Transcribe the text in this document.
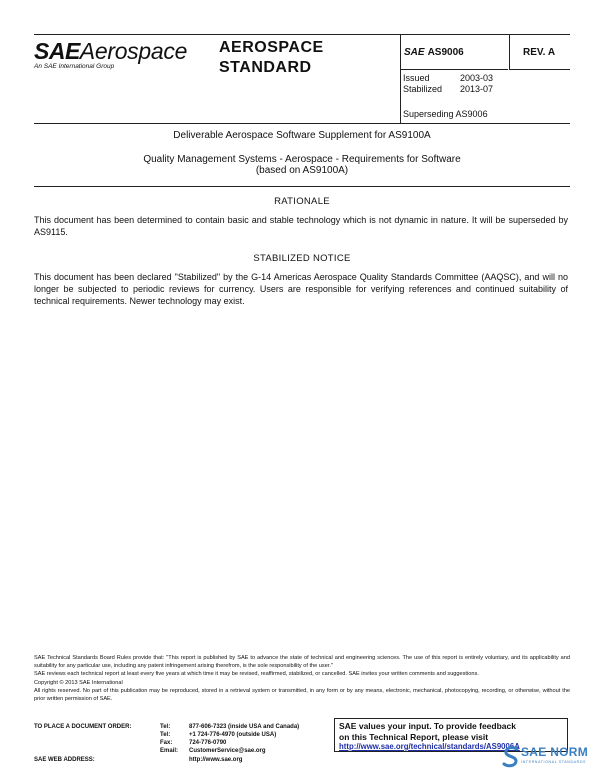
SAEAerospace
An SAE International Group
AEROSPACE
STANDARD
SAE AS9006	REV. A
Issued	2003-03
Stabilized 2013-07
Superseding AS9006
Deliverable Aerospace Software Supplement for AS9100A
Quality Management Systems - Aerospace - Requirements for Software
(based on AS9100A)
RATIONALE
This document has been determined to contain basic and stable technology which is not dynamic in nature. It will be superseded by AS9115.
STABILIZED NOTICE
This document has been declared "Stabilized" by the G-14 Americas Aerospace Quality Standards Committee (AAQSC), and will no longer be subjected to periodic reviews for currency. Users are responsible for verifying references and continued suitability of technical requirements. Newer technology may exist.

SAE Technical Standards Board Rules provide that: "This report is published by SAE to advance the state of technical and engineering sciences. The use of this report is entirely voluntary, and its applicability and suitability for any particular use, including any patent infringement arising therefrom, is the sole responsibility of the user."

SAE reviews each technical report at least every five years at which time it may be revised, reaffirmed, stabilized, or cancelled. SAE invites your written comments and suggestions.

Copyright © 2013 SAE International

All rights reserved. No part of this publication may be reproduced, stored in a retrieval system or transmitted, in any form or by any means, electronic, mechanical, photocopying, recording, or otherwise, without the prior written permission of SAE.

TO PLACE A DOCUMENT ORDER:	Tel:	877-606-7323 (inside USA and Canada)
Tel:	+1 724-776-4970 (outside USA)
Fax:	724-776-0790
Email: CustomerService@sae.org
SAE WEB ADDRESS:	http://www.sae.org
SAE values your input. To provide feedback
on this Technical Report, please visit
http://www.sae.org/technical/standards/AS9006A SAE NORM
INTERNATIONAL STANDARDS
